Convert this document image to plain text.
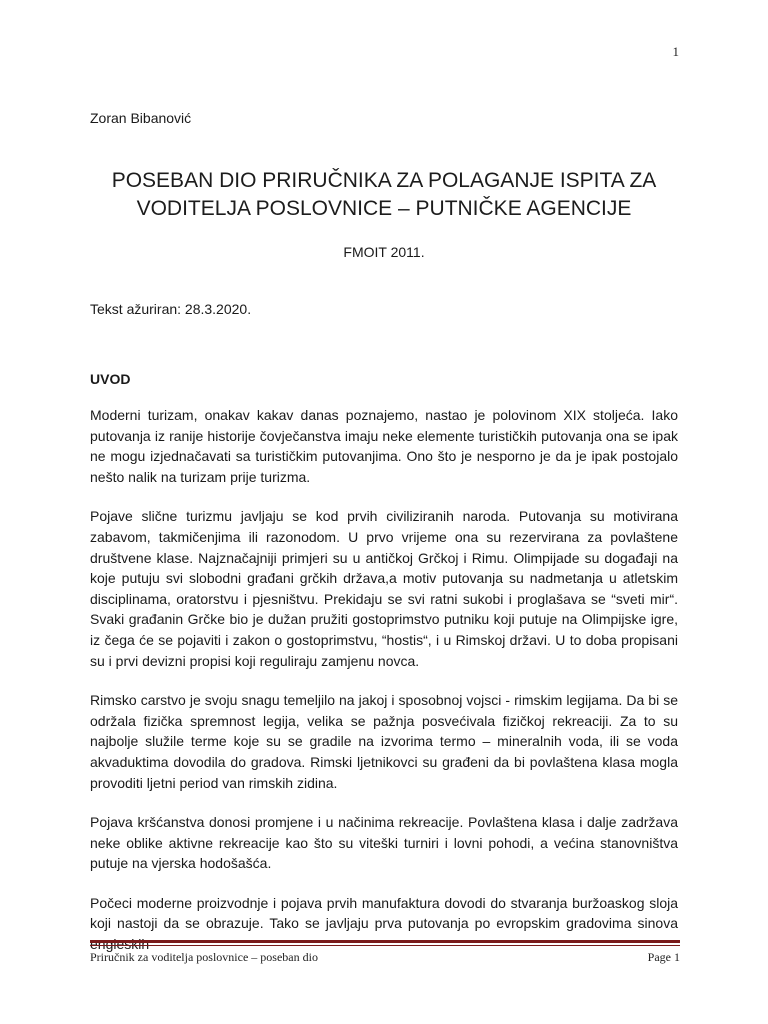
1
Zoran Bibanović
POSEBAN DIO PRIRUČNIKA ZA POLAGANJE ISPITA ZA VODITELJA POSLOVNICE – PUTNIČKE AGENCIJE
FMOIT 2011.
Tekst ažuriran: 28.3.2020.
UVOD

Moderni turizam, onakav kakav danas poznajemo, nastao je polovinom XIX stoljeća. Iako putovanja iz ranije historije čovječanstva imaju neke elemente turističkih putovanja ona se ipak ne mogu izjednačavati sa turističkim putovanjima. Ono što je nesporno je da je ipak postojalo nešto nalik na turizam prije turizma.

Pojave slične turizmu javljaju se kod prvih civiliziranih naroda. Putovanja su motivirana zabavom, takmičenjima ili razonodom. U prvo vrijeme ona su rezervirana za povlaštene društvene klase. Najznačajniji primjeri su u antičkoj Grčkoj i Rimu. Olimpijade su događaji na koje putuju svi slobodni građani grčkih država,a motiv putovanja su nadmetanja u atletskim disciplinama, oratorstvu i pjesništvu. Prekidaju se svi ratni sukobi i proglašava se “sveti mir“. Svaki građanin Grčke bio je dužan pružiti gostoprimstvo putniku koji putuje na Olimpijske igre, iz čega će se pojaviti i zakon o gostoprimstvu, “hostis“, i u Rimskoj državi. U to doba propisani su i prvi devizni propisi koji reguliraju zamjenu novca.

Rimsko carstvo je svoju snagu temeljilo na jakoj i sposobnoj vojsci - rimskim legijama. Da bi se održala fizička spremnost legija, velika se pažnja posvećivala fizičkoj rekreaciji. Za to su najbolje služile terme koje su se gradile na izvorima termo – mineralnih voda, ili se voda akvaduktima dovodila do gradova. Rimski ljetnikovci su građeni da bi povlaštena klasa mogla provoditi ljetni period van rimskih zidina.

Pojava kršćanstva donosi promjene i u načinima rekreacije. Povlaštena klasa i dalje zadržava neke oblike aktivne rekreacije kao što su viteški turniri i lovni pohodi, a većina stanovništva putuje na vjerska hodošašća.

Počeci moderne proizvodnje i pojava prvih manufaktura dovodi do stvaranja buržoaskog sloja koji nastoji da se obrazuje. Tako se javljaju prva putovanja po evropskim gradovima sinova

Priručnik za voditelja poslovnice – poseban dio	Page 1
